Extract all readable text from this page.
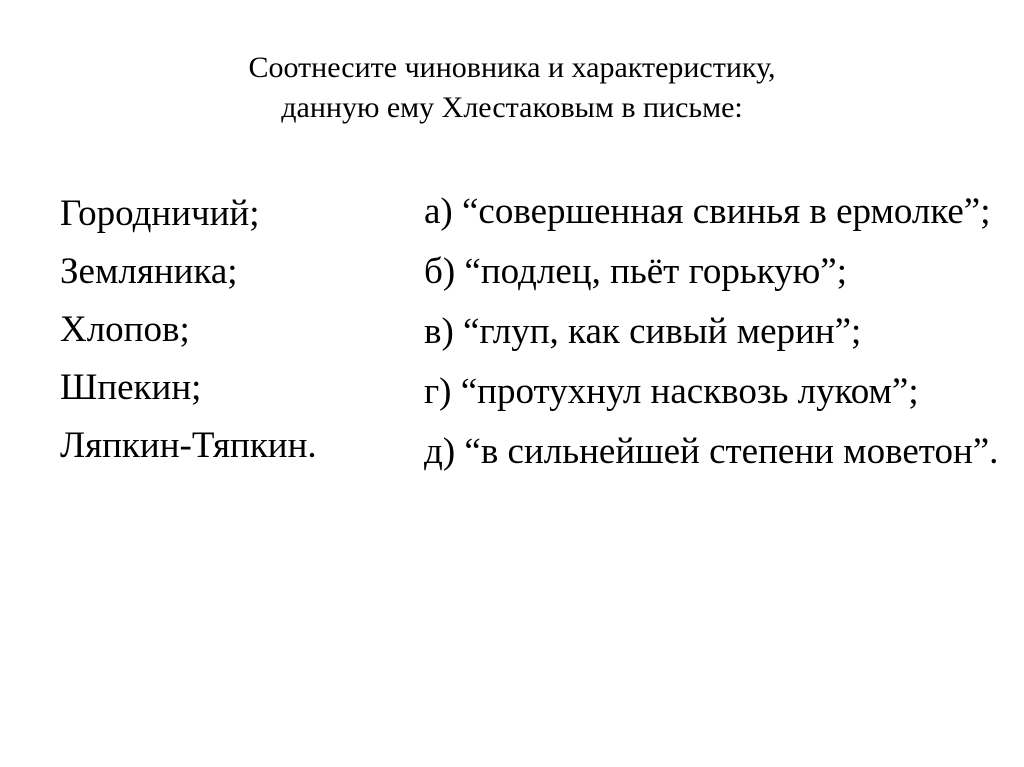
Соотнесите чиновника и характеристику,
данную ему Хлестаковым в письме:
Городничий;
Земляника;
Хлопов;
Шпекин;
Ляпкин-Тяпкин.
а) “совершенная свинья в ермолке”;
б) “подлец, пьёт горькую”;
в) “глуп, как сивый мерин”;
г) “протухнул насквозь луком”;
д) “в сильнейшей степени моветон”.
